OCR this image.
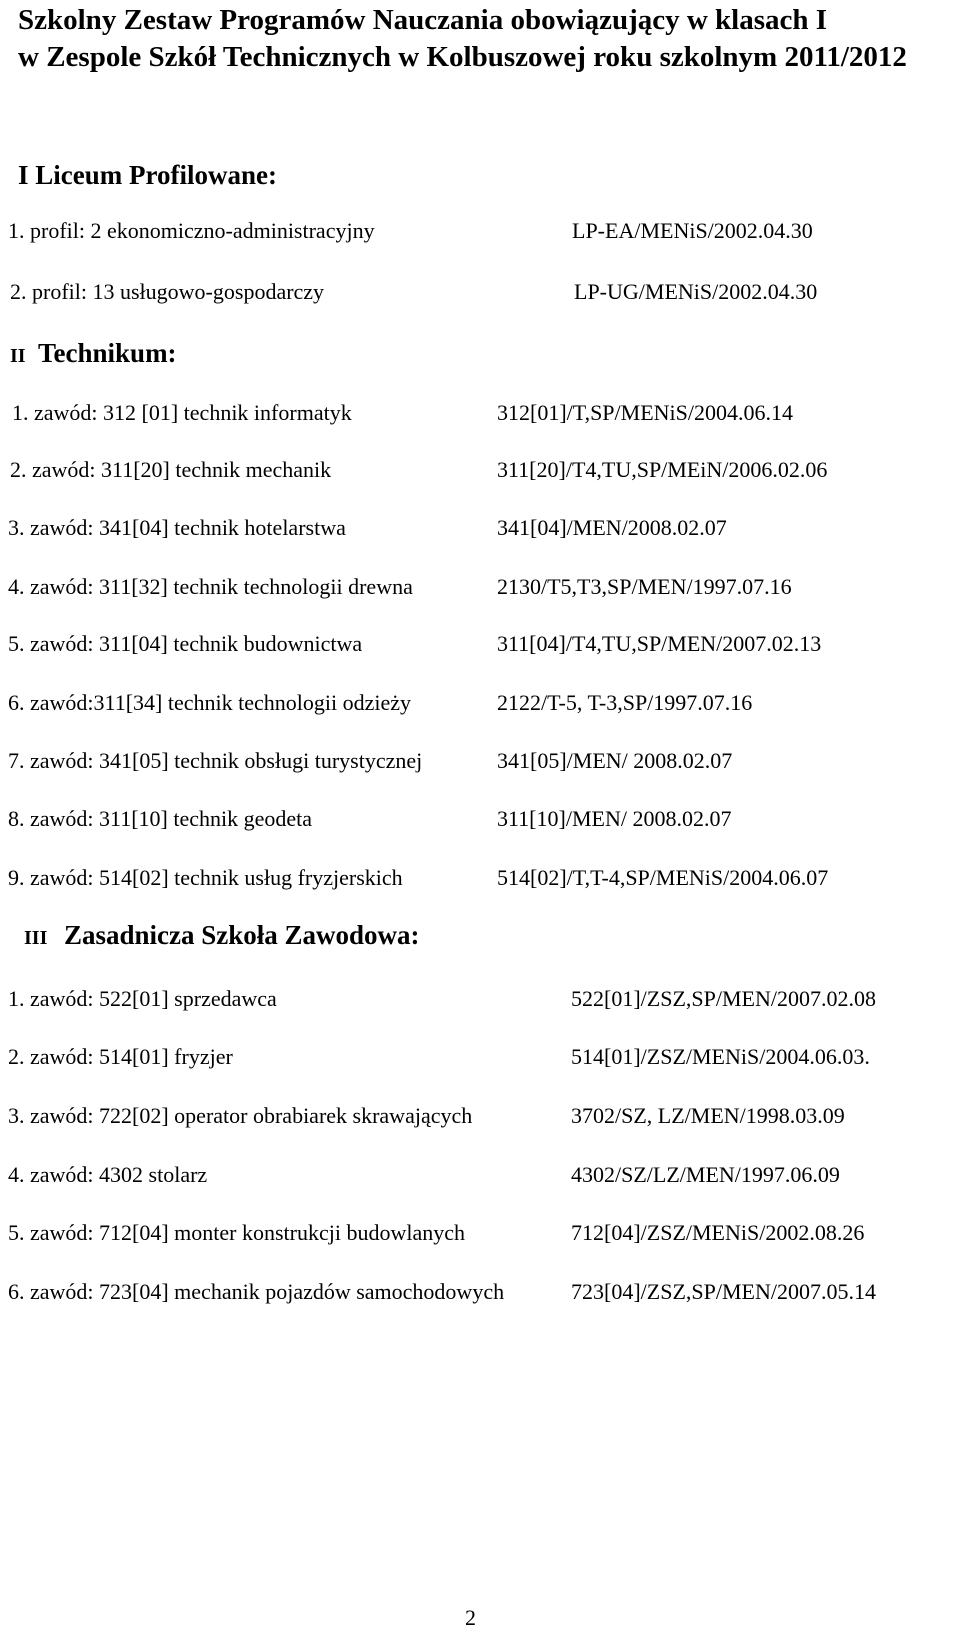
Szkolny Zestaw Programów Nauczania obowiązujący w klasach I
w Zespole Szkół Technicznych w Kolbuszowej roku szkolnym 2011/2012
I Liceum Profilowane:
1. profil: 2 ekonomiczno-administracyjny	LP-EA/MENiS/2002.04.30
2. profil: 13 usługowo-gospodarczy	LP-UG/MENiS/2002.04.30
II Technikum:
1. zawód: 312 [01] technik informatyk	312[01]/T,SP/MENiS/2004.06.14
2. zawód: 311[20] technik mechanik	311[20]/T4,TU,SP/MEiN/2006.02.06
3. zawód: 341[04] technik hotelarstwa	341[04]/MEN/2008.02.07
4. zawód: 311[32] technik technologii drewna	2130/T5,T3,SP/MEN/1997.07.16
5. zawód: 311[04] technik budownictwa	311[04]/T4,TU,SP/MEN/2007.02.13
6. zawód:311[34] technik technologii odzieży	2122/T-5, T-3,SP/1997.07.16
7. zawód: 341[05] technik obsługi turystycznej	341[05]/MEN/ 2008.02.07
8. zawód: 311[10] technik geodeta	311[10]/MEN/ 2008.02.07
9. zawód: 514[02] technik usług fryzjerskich	514[02]/T,T-4,SP/MENiS/2004.06.07
III Zasadnicza Szkoła Zawodowa:
1. zawód: 522[01] sprzedawca	522[01]/ZSZ,SP/MEN/2007.02.08
2. zawód: 514[01] fryzjer	514[01]/ZSZ/MENiS/2004.06.03.
3. zawód: 722[02] operator obrabiarek skrawających	3702/SZ, LZ/MEN/1998.03.09
4. zawód: 4302 stolarz	4302/SZ/LZ/MEN/1997.06.09
5. zawód: 712[04] monter konstrukcji budowlanych	712[04]/ZSZ/MENiS/2002.08.26
6. zawód: 723[04] mechanik pojazdów samochodowych	723[04]/ZSZ,SP/MEN/2007.05.14
2
